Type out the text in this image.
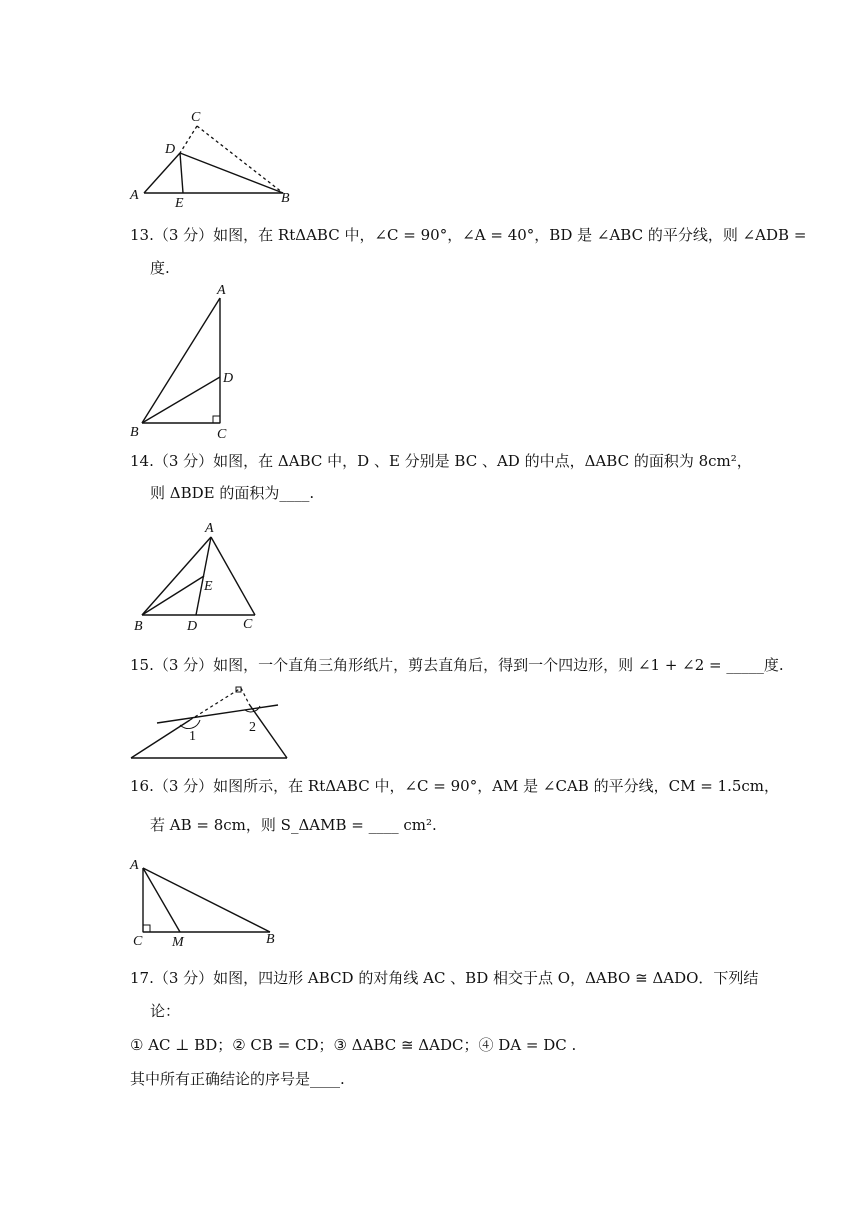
C
D
A
E	B
13.（3 分）如图，在 RtΔABC 中，∠C = 90°，∠A = 40°，BD 是 ∠ABC 的平分线，则 ∠ADB =
度.
A
D
B	C
14.（3 分）如图，在 ΔABC 中，D 、E 分别是 BC 、AD 的中点，ΔABC 的面积为 8cm²，
则 ΔBDE 的面积为____.
A
E
B	D	C
15.（3 分）如图，一个直角三角形纸片，剪去直角后，得到一个四边形，则 ∠1 + ∠2 = _____度.
1
2
16.（3 分）如图所示，在 RtΔABC 中，∠C = 90°，AM 是 ∠CAB 的平分线，CM = 1.5cm，
若 AB = 8cm，则 S_ΔAMB = ____ cm².
A
C M	B
17.（3 分）如图，四边形 ABCD 的对角线 AC 、BD 相交于点 O，ΔABO ≅ ΔADO．下列结
论：
① AC ⊥ BD；② CB = CD；③ ΔABC ≅ ΔADC；④ DA = DC .
其中所有正确结论的序号是____.
